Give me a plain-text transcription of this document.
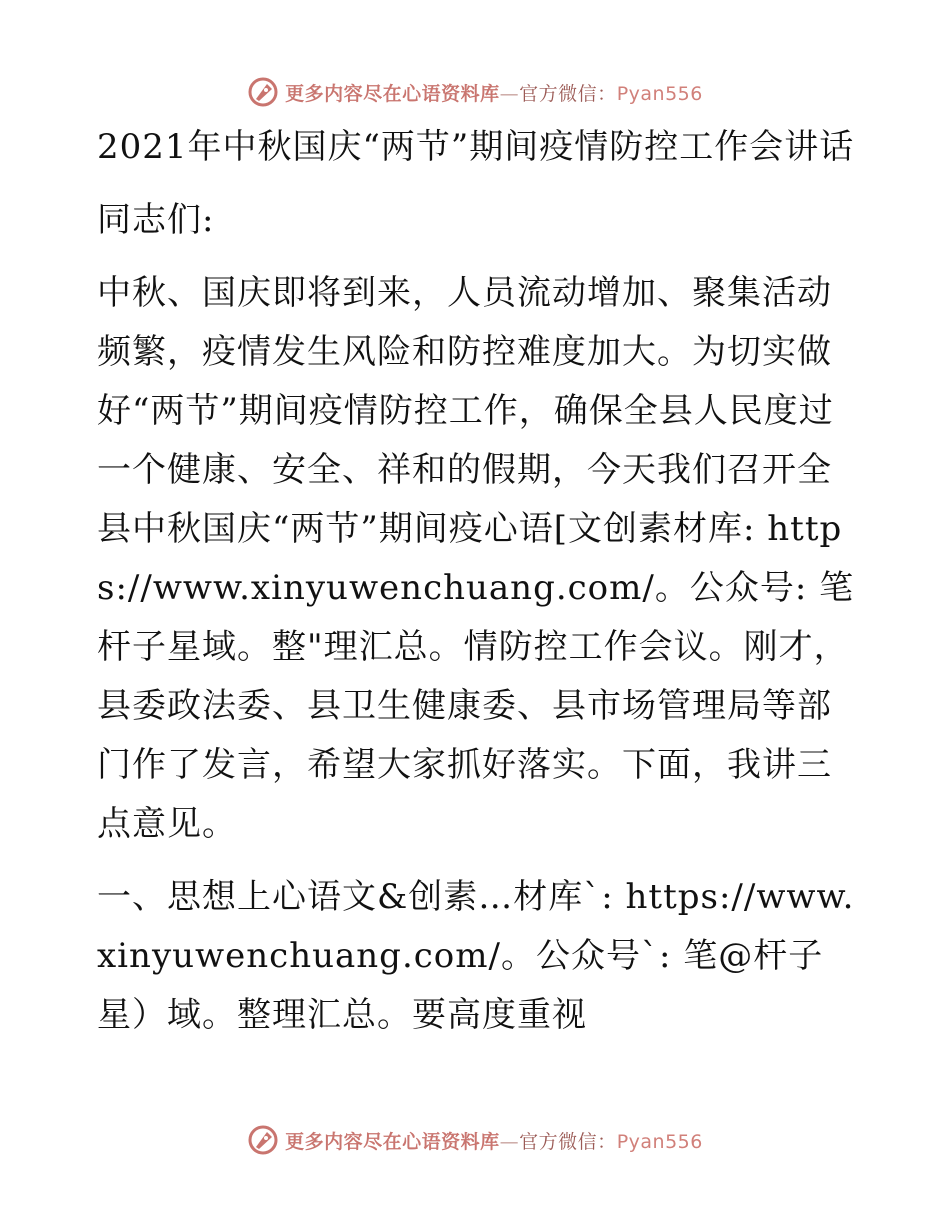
更多内容尽在心语资料库—官方微信：Pyan556

2021年中秋国庆“两节”期间疫情防控工作会讲话

同志们:

中秋、国庆即将到来，人员流动增加、聚集活动频繁，疫情发生风险和防控难度加大。为切实做好“两节”期间疫情防控工作，确保全县人民度过一个健康、安全、祥和的假期，今天我们召开全县中秋国庆“两节”期间疫心语[文创素材库: https://www.xinyuwenchuang.com/。公众号: 笔杆子星域。整"理汇总。情防控工作会议。刚才，县委政法委、县卫生健康委、县市场管理局等部门作了发言，希望大家抓好落实。下面，我讲三点意见。

一、思想上心语文&创素…材库`: https://www.xinyuwenchuang.com/。公众号`: 笔@杆子星）域。整理汇总。要高度重视

更多内容尽在心语资料库—官方微信：Pyan556
